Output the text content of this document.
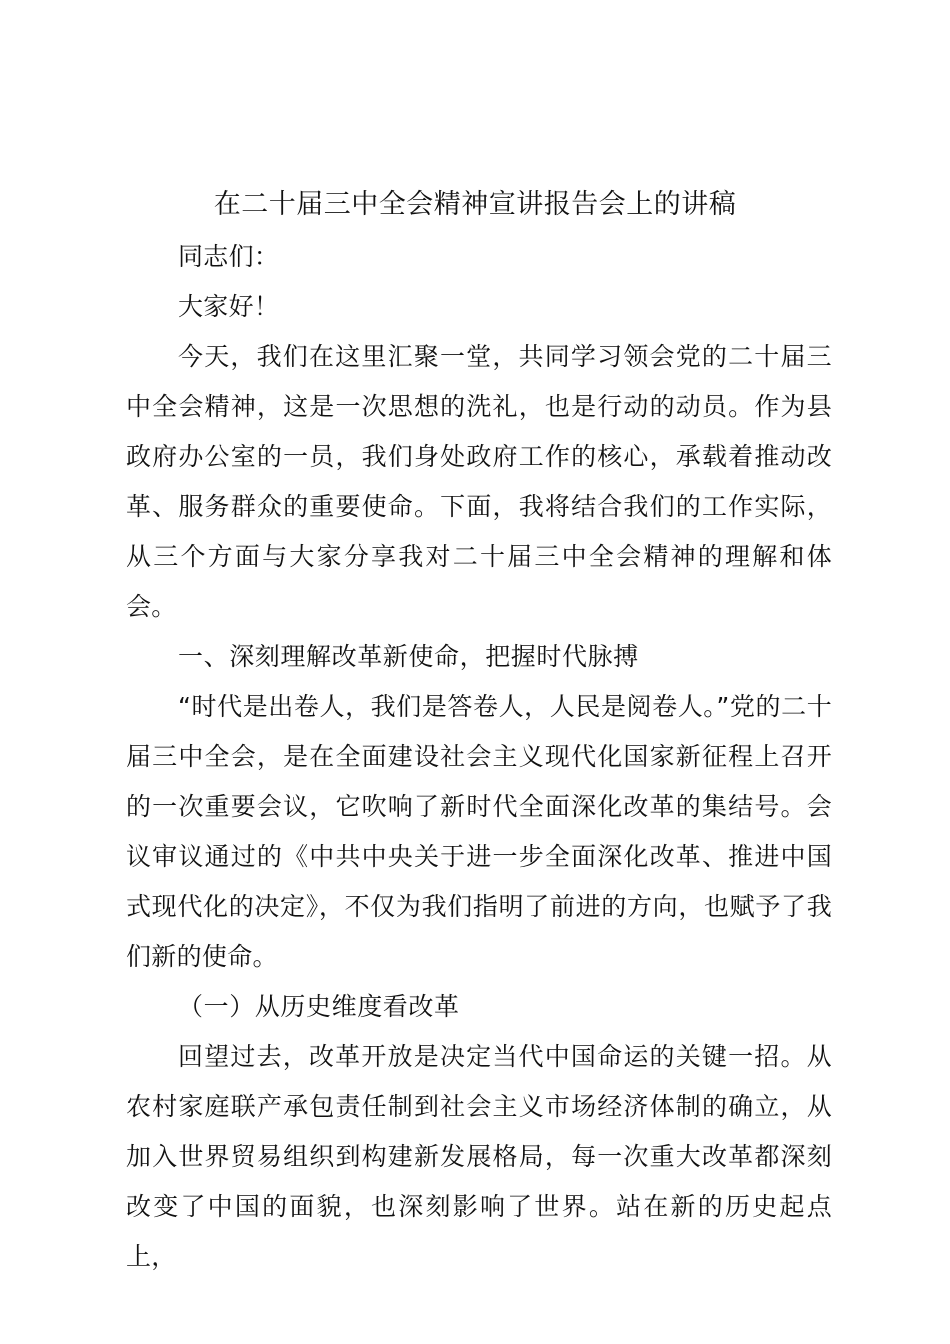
在二十届三中全会精神宣讲报告会上的讲稿

同志们：

大家好！

今天，我们在这里汇聚一堂，共同学习领会党的二十届三中全会精神，这是一次思想的洗礼，也是行动的动员。作为县政府办公室的一员，我们身处政府工作的核心，承载着推动改革、服务群众的重要使命。下面，我将结合我们的工作实际，从三个方面与大家分享我对二十届三中全会精神的理解和体会。

一、深刻理解改革新使命，把握时代脉搏

“时代是出卷人，我们是答卷人，人民是阅卷人。”党的二十届三中全会，是在全面建设社会主义现代化国家新征程上召开的一次重要会议，它吹响了新时代全面深化改革的集结号。会议审议通过的《中共中央关于进一步全面深化改革、推进中国式现代化的决定》，不仅为我们指明了前进的方向，也赋予了我们新的使命。

（一）从历史维度看改革

回望过去，改革开放是决定当代中国命运的关键一招。从农村家庭联产承包责任制到社会主义市场经济体制的确立，从加入世界贸易组织到构建新发展格局，每一次重大改革都深刻改变了中国的面貌，也深刻影响了世界。站在新的历史起点上，
